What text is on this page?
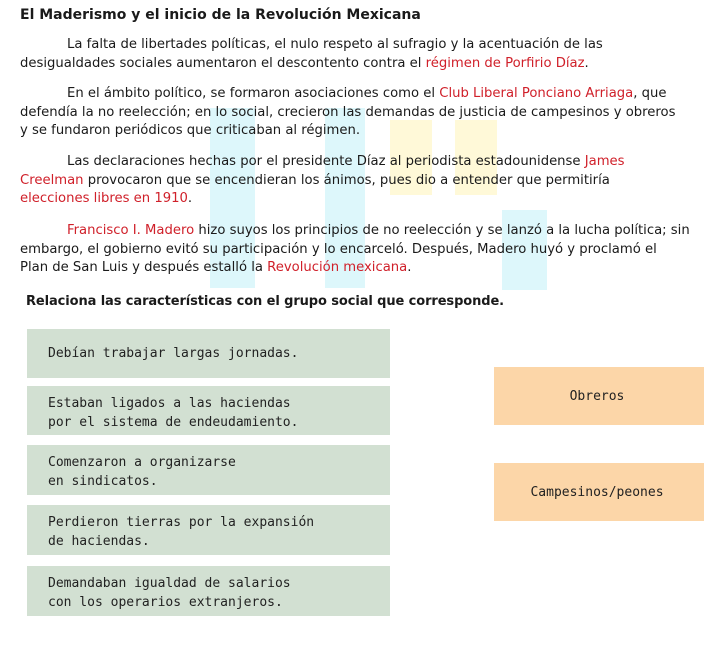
El Maderismo y el inicio de la Revolución Mexicana
La falta de libertades políticas, el nulo respeto al sufragio y la acentuación de las
desigualdades sociales aumentaron el descontento contra el régimen de Porfirio Díaz.
En el ámbito político, se formaron asociaciones como el Club Liberal Ponciano Arriaga, que
defendía la no reelección; en lo social, crecieron las demandas de justicia de campesinos y obreros
y se fundaron periódicos que criticaban al régimen.
Las declaraciones hechas por el presidente Díaz al periodista estadounidense James
Creelman provocaron que se encendieran los ánimos, pues dio a entender que permitiría
elecciones libres en 1910.
Francisco I. Madero hizo suyos los principios de no reelección y se lanzó a la lucha política; sin
embargo, el gobierno evitó su participación y lo encarceló. Después, Madero huyó y proclamó el
Plan de San Luis y después estalló la Revolución mexicana.
Relaciona las características con el grupo social que corresponde.
Debían trabajar largas jornadas.
Estaban ligados a las haciendas
por el sistema de endeudamiento.
Comenzaron a organizarse
en sindicatos.
Perdieron tierras por la expansión
de haciendas.
Demandaban igualdad de salarios
con los operarios extranjeros.
Obreros
Campesinos/peones
